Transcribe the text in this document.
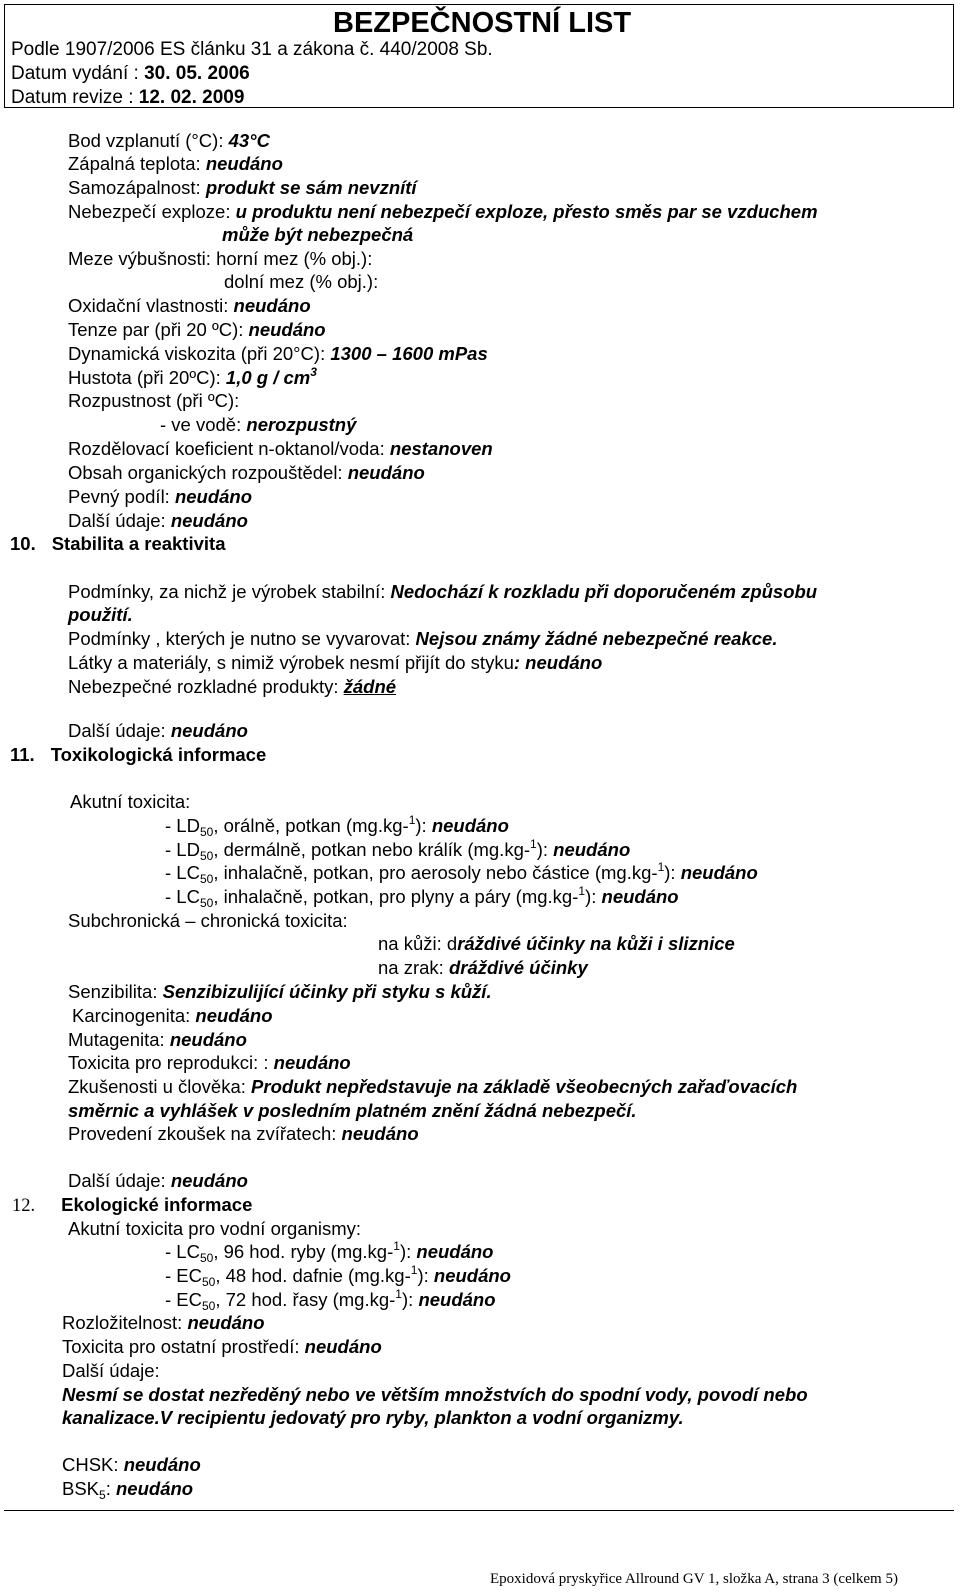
BEZPEČNOSTNÍ LIST
Podle 1907/2006 ES článku 31 a zákona č. 440/2008 Sb.
Datum vydání : 30. 05. 2006
Datum revize : 12. 02. 2009
Bod vzplanutí (°C): 43°C
Zápalná teplota: neudáno
Samozápalnost: produkt se sám nevznítí
Nebezpečí exploze: u produktu není nebezpečí exploze, přesto směs par se vzduchem
může být nebezpečná
Meze výbušnosti: horní mez (% obj.):
dolní mez (% obj.):
Oxidační vlastnosti: neudáno
Tenze par (při 20 ºC): neudáno
Dynamická viskozita (při 20°C): 1300 – 1600 mPas
Hustota (při 20ºC): 1,0 g / $cm^3$
Rozpustnost (při ºC):
- ve vodě: nerozpustný
Rozdělovací koeficient n-oktanol/voda: nestanoven
Obsah organických rozpouštědel: neudáno
Pevný podíl: neudáno
Další údaje: neudáno
10. Stabilita a reaktivita
Podmínky, za nichž je výrobek stabilní: Nedochází k rozkladu při doporučeném způsobu
použití.
Podmínky , kterých je nutno se vyvarovat: Nejsou známy žádné nebezpečné reakce.
Látky a materiály, s nimiž výrobek nesmí přijít do styku: neudáno
Nebezpečné rozkladné produkty: žádné
Další údaje: neudáno
11. Toxikologická informace
Akutní toxicita:
- $LD_{50}$, orálně, potkan (mg.kg-$^1$): neudáno
- $LD_{50}$, dermálně, potkan nebo králík (mg.kg-$^1$): neudáno
- $LC_{50}$, inhalačně, potkan, pro aerosoly nebo částice (mg.kg-$^1$): neudáno
- $LC_{50}$, inhalačně, potkan, pro plyny a páry (mg.kg-$^1$): neudáno
Subchronická – chronická toxicita:
na kůži: dráždivé účinky na kůži i sliznice
na zrak: dráždivé účinky
Senzibilita: Senzibizulijící účinky při styku s kůží.
Karcinogenita: neudáno
Mutagenita: neudáno
Toxicita pro reprodukci: : neudáno
Zkušenosti u člověka: Produkt nepředstavuje na základě všeobecných zařaďovacích
směrnic a vyhlášek v posledním platném znění žádná nebezpečí.
Provedení zkoušek na zvířatech: neudáno
Další údaje: neudáno
12. Ekologické informace
Akutní toxicita pro vodní organismy:
- $LC_{50}$, 96 hod. ryby (mg.kg-$^1$): neudáno
- $EC_{50}$, 48 hod. dafnie (mg.kg-$^1$): neudáno
- $EC_{50}$, 72 hod. řasy (mg.kg-$^1$): neudáno
Rozložitelnost: neudáno
Toxicita pro ostatní prostředí: neudáno
Další údaje:
Nesmí se dostat nezředěný nebo ve větším množstvích do spodní vody, povodí nebo
kanalizace.V recipientu jedovatý pro ryby, plankton a vodní organizmy.
CHSK: neudáno
$BSK_5$: neudáno
Epoxidová pryskyřice Allround GV 1, složka A, strana 3 (celkem 5)
